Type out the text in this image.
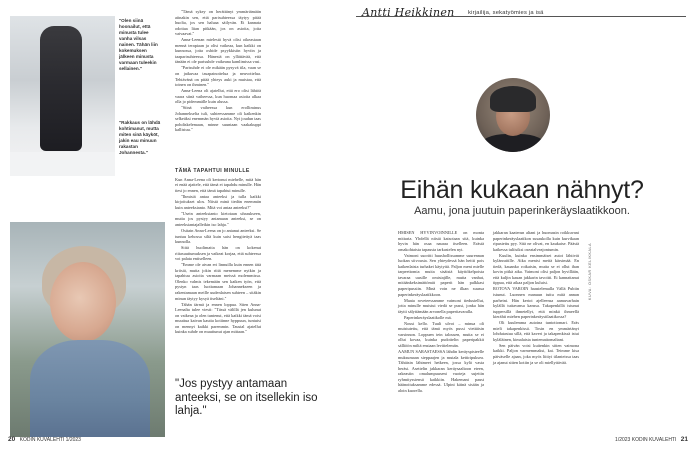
"Olen siinä hoonailut, että minusta tulee vanha vilsas nainen. Tähän liin kokemuksen jälkeen minusta varmaan tuleekin sellainen."
"Rakkaus on lähdä kohtimanut, mutta miten sinä käyköt, jakin eau minuun rakastan Johannesta."

"Tämä sykey on herättänyt ymmärtämään aiinakin sen, että parisuhteessa täytyy pitää huolta, jos sen haluaa säilyvän. Ei kannata odottaa liian pitkään, jos on asioita, joita vaivaavat."

Anna-Leenan mielestä hyvä olisi oikeastaan mennä terapiaan ja olisi vaikeaa, kun kaikki on kunnossa, jotta osbide psyykkisiin hyviin ja taaparisuhteessa. Hänestä on yllättävää, että tänään ei ole parisuhde vaikeana kamlimissa vasi.

"Parisuhde ei ole mikään pysyvä tila, vaan se on jatkuvaa tasapainottelua ja neuvottelua. Tehtävänä on pitää yhteys auki ja muistaa, että toinen on ihminen."

Anna-Leena oli ajatellut, että ero olisi lähtöä vaara siinä vaiheessa, kun huomaa asioita alkaa olla jo pidemmälle kuin alussa.

"Siinä vaiheessa kun erolliminus Johannekselta tuli, suhteessamme oli kaikenkin selkeäksi enemmän hyviä asioita. Nyt joudun taas pohdiskelemaan, minne suuntaan vaakakuppi kallistuu."

TÄMÄ TAPAHTUI MINULLE

Kun Anna-Leena oli kertonut miehelle, mitä hän ei enää ajattele, että tämä ei tapahdu minulle. Hän tiesi jo ennen, että tämä tapahtui minulle.

"Ihmisiä antaa anteeksi ja tulla kaikki kirjoitukset ulos. Niistä minä tiedän enemmän kuin anteeksianto. Mitä voi antaa anteeksi?"

"Usein anteeksianto kietotaan uhraukseen, mutta jos pystyy antamaan anteeksi, se on anteeksiantajalleikin iso lahja."

Ositain Anna-Leena on jo antanut anteeksi. Se tuntuu kehossa siltä kuin saisi hengitettyä taas kunnolla.

Siitä huolimatta hän on kokenut riitasuuttumuksen ja vaikeat korjaa, että suhteessa voi palata entiselleen.

"Emme ole aivan eri linnuilla kuin ennen tätä kriisiä, mutta jokin riitä menemme nytkin ja tapahtuu asioita varmaan meissä molemmissa. Olenko valmis tekemään sen kaiken työn, että pystyn taas luottamaan Johannekseen ja rakentamaan meille uudenlaisen suhteen – sitäkin minun täytyy kysyä itseltäni."

Tähän tärmä ja ennen loppua. Siten Anna-Leenalta tulee viesti: "Tässä välillä jen kulunut on vaikeaa ja olen tuntenut, että kaikki tämä voisi muuttua kaivan kautta kotiinne hyppuun, tuntuisi on mennyt kaikki paremmin. Taustal ajatellut kuinka suhde on muuttunut ajan mittaan."

"Jos pystyy antamaan anteeksi, se on itsellekin iso lahja."
20 KODIN KUVALEHTI 1/2023
Antti Heikkinen kirjailija, sekatyömies ja isä
Eihän kukaan nähnyt?
Aamu, jona juutuin paperinkeräyslaatikkoon.

HMISEN HYVINVOINNILLE on monta mittaria. Yhdellä niistä katsotaan sitä, kuinka hyvin hän osaa nauraa itselleen. Erästä omakohtaista tapausta tarkastelen nyt.

Vaimoni suoritti huushollissamme suurennan luokan siivousta. Sen yhteydessä hän heitti pois kaikenlaista turhakei käytyttä. Paljon meni mielle tarpeettomia muita sisäistä käyttökelpoista tavaraa uusille omistajille, mutta vanhat, mitäänkeksimättömät paperit hän palkkasi paperipussiin. Minä voin ne ilkan suussa paperinkeräyslaatikkoon.

Maata roveteessamme vaimoni tiedustellut, jotta minulle muistui viedä se pussi, jonka hän täytti sälyttämään arvonella paperitavaralla.

Paperinkeräyslaatikolle mä.

Nousi kello. Tuuli ulvoi – minua oli muistutettu, että tämä myös pussi viettäisin varsinnon. Loppuen tein talousen, mutta se ei ollut kovaa, kuinka pudottelin paperipakkit sälliöön miltä ensiaan levittelemän.

AAMUN SARASTAESSA lähdin keräyspisteelle muksumaan sieppaajen ja mutala kettiripuksea. Tähtäsin lähtmeet hetkeen, jossa kylä vasta heräsi. Asettelin jakkaran keräysaaltoon eteen, rakeastin omalumpuuseni vuoteja sujettin ryhmityssiensä kaikkiin. Hakemani paust häänoituksamme edessä. Ulpini käinä sisään ja aloin kuorella.

jakkaran kaaterun altani ja huomasin roikkuvani paperinkeräyslaatikon susaukolla kuin kurvikaan ripustettu pyy. Sitä ne olivat, en kaukaise. Päästä kaikessa tuliisiksi oseatalveajontumin.

Kuulin, kuinka ensimmäiset autot lähtivät kylänraitille. Aika menisi meitä kärsimää. En tiedä, kauanko roikaisin, mutta se ei ollut ihan kovin pitkä aika. Vaimoni olisi paljon hyvillään, että kuljin kauan jakkarin tavoitti. Ei kannattanut tippua, että aikaa paljon kuluisi.

ROTOVA VAROIN haastelemalla Vällä Pubiin istunut. Luonnen manuun tuttu mitä annan parheini. Hän kertoi ajelleensa aamuvarhain kylällä tuttavansa kanssa. Takapenkillä istunut tuppersillä ihmetellyt, että minkä ihmeellä kierähti miehen paperinkeräystilaatikossa?

Oli kuulemma autoina tuntottomari. Eräs mieli takapenkissä. Tosin en ymmärtänyt lohdutastua sillä, että kaveri ja takapenkissä istui kyläläinen, kimalaista tuntemattomaltani.

Sen päivän voisi kuitenkin sitten vaimona kaikki. Paljon varmemmaksi, kai. Teimme kisa päiväselle ajaan, joka myös liittyi tilanteissa taas ja ajanut sitten kotiin ja se oli miellyttävää.

KUVA: OSKAR KELIKKALA
1/2023 KODIN KUVALEHTI 21
